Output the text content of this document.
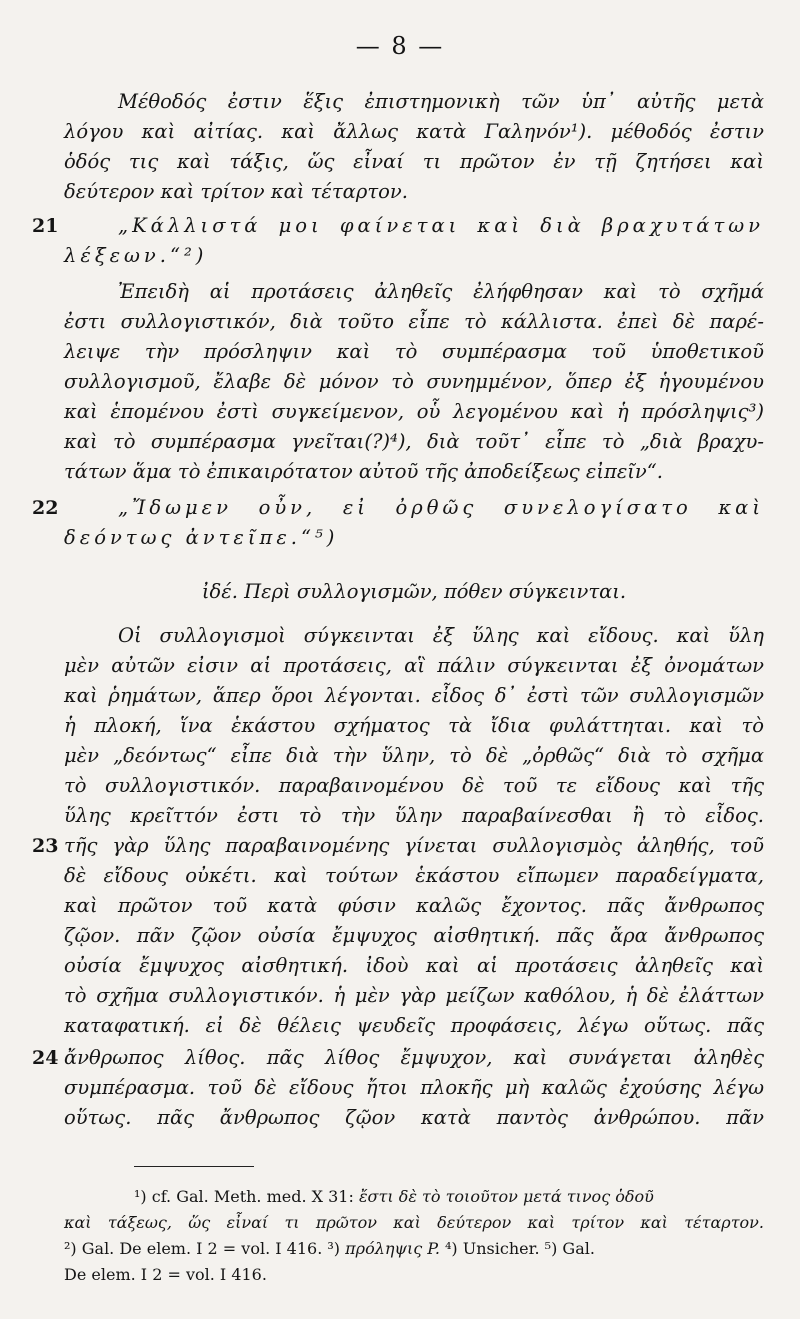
— 8 —
Μέθοδός ἐστιν ἕξις ἐπιστημονικὴ τῶν ὑπ᾽ αὐτῆς μετὰ
λόγου καὶ αἰτίας. καὶ ἄλλως κατὰ Γαληνόν¹). μέθοδός ἐστιν
ὁδός τις καὶ τάξις, ὥς εἶναί τι πρῶτον ἐν τῇ ζητήσει καὶ
δεύτερον καὶ τρίτον καὶ τέταρτον.
21	„Κάλλιστά μοι φαίνεται καὶ διὰ βραχυτάτων
λέξεων.“²)
Ἐπειδὴ αἱ προτάσεις ἀληθεῖς ἐλήφθησαν καὶ τὸ σχῆμά
ἐστι συλλογιστικόν, διὰ τοῦτο εἶπε τὸ κάλλιστα. ἐπεὶ δὲ παρέ-
λειψε τὴν πρόσληψιν καὶ τὸ συμπέρασμα τοῦ ὑποθετικοῦ
συλλογισμοῦ, ἔλαβε δὲ μόνον τὸ συνημμένον, ὅπερ ἐξ ἡγουμένου
καὶ ἑπομένου ἐστὶ συγκείμενον, οὗ λεγομένου καὶ ἡ πρόσληψις³)
καὶ τὸ συμπέρασμα γνεῖται(?)⁴), διὰ τοῦτ᾽ εἶπε τὸ „διὰ βραχυ-
τάτων ἅμα τὸ ἐπικαιρότατον αὐτοῦ τῆς ἀποδείξεως εἰπεῖν“.
22	„Ἴδωμεν οὖν, εἰ ὀρθῶς συνελογίσατο καὶ
δεόντως ἀντεῖπε.“⁵)
ἰδέ. Περὶ συλλογισμῶν, πόθεν σύγκεινται.
Οἱ συλλογισμοὶ σύγκεινται ἐξ ὕλης καὶ εἴδους. καὶ ὕλη
μὲν αὐτῶν εἰσιν αἱ προτάσεις, αἳ πάλιν σύγκεινται ἐξ ὀνομάτων
καὶ ῥημάτων, ἅπερ ὅροι λέγονται. εἶδος δ᾽ ἐστὶ τῶν συλλογισμῶν
ἡ πλοκή, ἵνα ἑκάστου σχήματος τὰ ἴδια φυλάττηται. καὶ τὸ
μὲν „δεόντως“ εἶπε διὰ τὴν ὕλην, τὸ δὲ „ὀρθῶς“ διὰ τὸ σχῆμα
τὸ συλλογιστικόν. παραβαινομένου δὲ τοῦ τε εἴδους καὶ τῆς
ὕλης κρεῖττόν ἐστι τὸ τὴν ὕλην παραβαίνεσθαι ἢ τὸ εἶδος.
23 τῆς γὰρ ὕλης παραβαινομένης γίνεται συλλογισμὸς ἀληθής, τοῦ
δὲ εἴδους οὐκέτι. καὶ τούτων ἑκάστου εἴπωμεν παραδείγματα,
καὶ πρῶτον τοῦ κατὰ φύσιν καλῶς ἔχοντος. πᾶς ἄνθρωπος
ζῷον. πᾶν ζῷον οὐσία ἔμψυχος αἰσθητική. πᾶς ἄρα ἄνθρωπος
οὐσία ἔμψυχος αἰσθητική. ἰδοὺ καὶ αἱ προτάσεις ἀληθεῖς καὶ
τὸ σχῆμα συλλογιστικόν. ἡ μὲν γὰρ μείζων καθόλου, ἡ δὲ ἐλάττων
καταφατική. εἰ δὲ θέλεις ψευδεῖς προφάσεις, λέγω οὕτως. πᾶς
24 ἄνθρωπος λίθος. πᾶς λίθος ἔμψυχον, καὶ συνάγεται ἀληθὲς
συμπέρασμα. τοῦ δὲ εἴδους ἤτοι πλοκῆς μὴ καλῶς ἐχούσης λέγω
οὕτως. πᾶς ἄνθρωπος ζῷον κατὰ παντὸς ἀνθρώπου. πᾶν
¹) cf. Gal. Meth. med. X 31: ἔστι δὲ τὸ τοιοῦτον μετά τινος ὁδοῦ
καὶ τάξεως, ὥς εἶναί τι πρῶτον καὶ δεύτερον καὶ τρίτον καὶ τέταρτον.
²) Gal. De elem. I 2 = vol. I 416. ³) πρόληψις P. ⁴) Unsicher. ⁵) Gal.
De elem. I 2 = vol. I 416.
